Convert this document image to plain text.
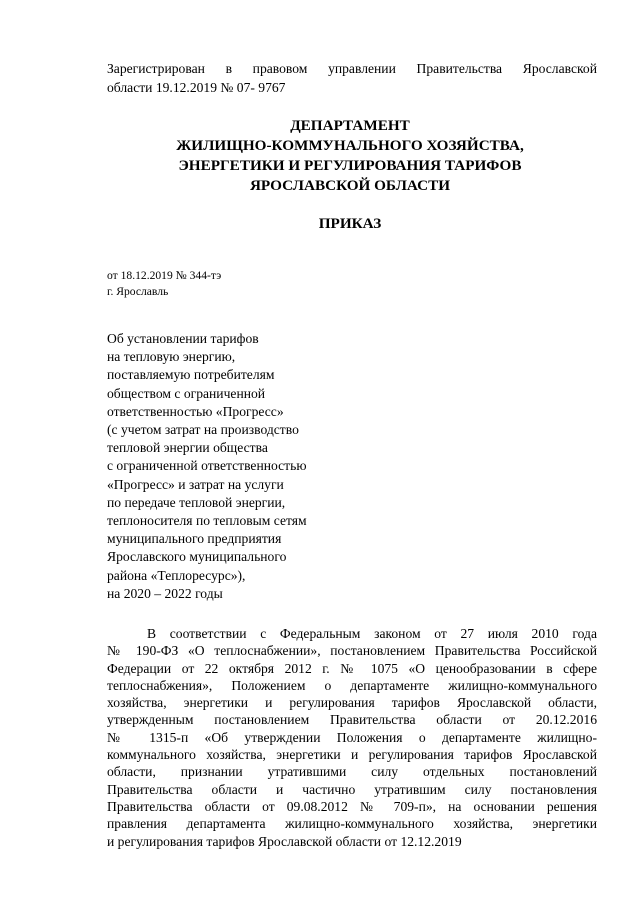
Зарегистрирован в правовом управлении Правительства Ярославской
области 19.12.2019 № 07- 9767
ДЕПАРТАМЕНТ
ЖИЛИЩНО-КОММУНАЛЬНОГО ХОЗЯЙСТВА,
ЭНЕРГЕТИКИ И РЕГУЛИРОВАНИЯ ТАРИФОВ
ЯРОСЛАВСКОЙ ОБЛАСТИ
ПРИКАЗ
от 18.12.2019 № 344-тэ
г. Ярославль
Об установлении тарифов
на тепловую энергию,
поставляемую потребителям
обществом с ограниченной
ответственностью «Прогресс»
(с учетом затрат на производство
тепловой энергии общества
с ограниченной ответственностью
«Прогресс» и затрат на услуги
по передаче тепловой энергии,
теплоносителя по тепловым сетям
муниципального предприятия
Ярославского муниципального
района «Теплоресурс»),
на 2020 – 2022 годы
В соответствии с Федеральным законом от 27 июля 2010 года
№ 190-ФЗ «О теплоснабжении», постановлением Правительства Российской
Федерации от 22 октября 2012 г. № 1075 «О ценообразовании в сфере
теплоснабжения», Положением о департаменте жилищно-коммунального
хозяйства, энергетики и регулирования тарифов Ярославской области,
утвержденным постановлением Правительства области от 20.12.2016
№ 1315-п «Об утверждении Положения о департаменте жилищно-
коммунального хозяйства, энергетики и регулирования тарифов Ярославской
области, признании утратившими силу отдельных постановлений
Правительства области и частично утратившим силу постановления
Правительства области от 09.08.2012 № 709-п», на основании решения
правления департамента жилищно-коммунального хозяйства, энергетики
и регулирования тарифов Ярославской области от 12.12.2019
